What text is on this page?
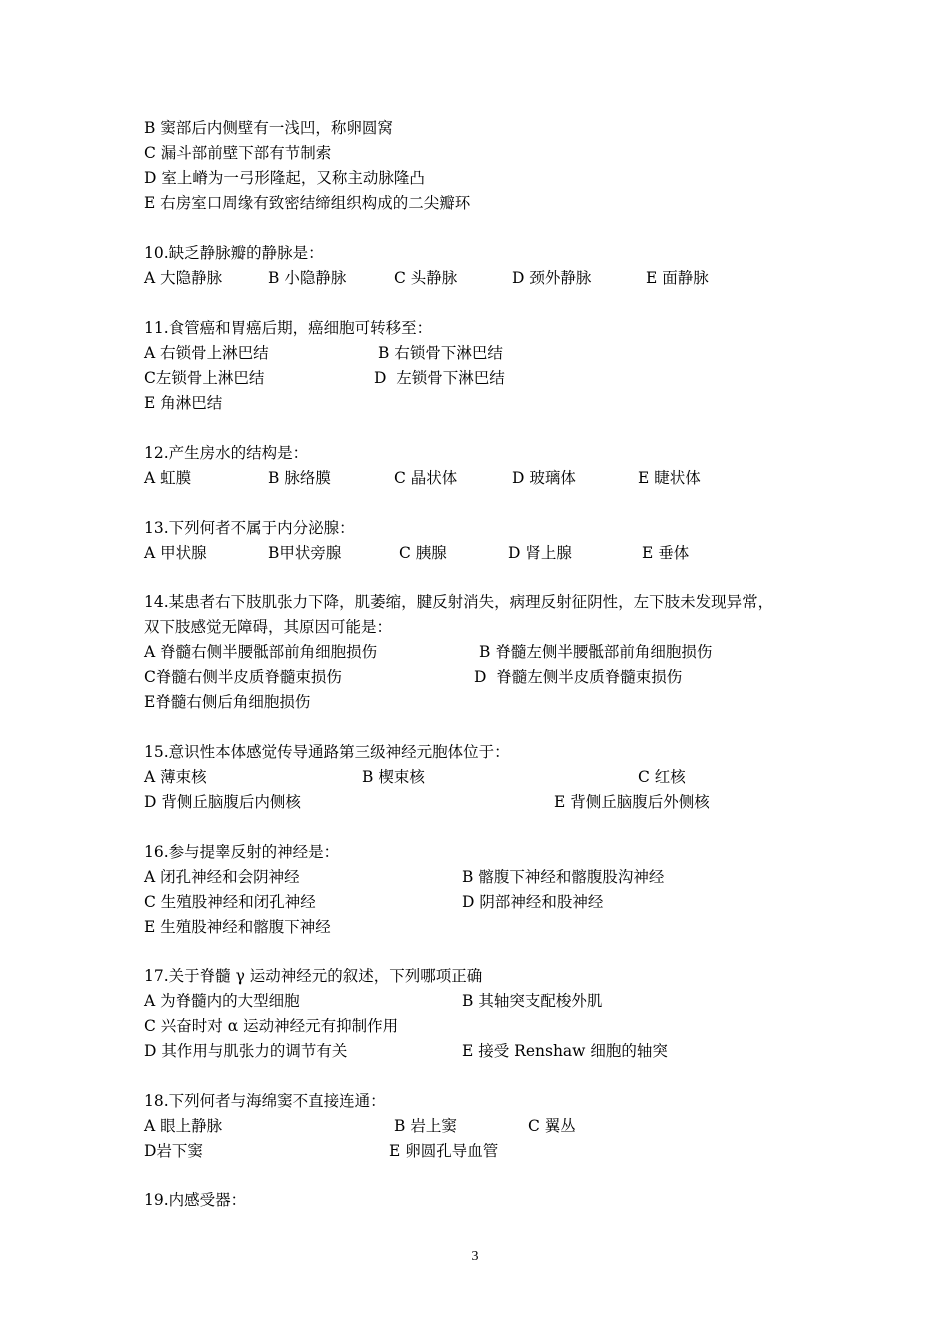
B 窦部后内侧壁有一浅凹，称卵圆窝
C 漏斗部前壁下部有节制索
D 室上嵴为一弓形隆起，又称主动脉隆凸
E 右房室口周缘有致密结缔组织构成的二尖瓣环
10.缺乏静脉瓣的静脉是：
A 大隐静脉	B 小隐静脉	C 头静脉	D 颈外静脉	E 面静脉
11.食管癌和胃癌后期，癌细胞可转移至：
A 右锁骨上淋巴结	B 右锁骨下淋巴结
C左锁骨上淋巴结	D  左锁骨下淋巴结
E 角淋巴结
12.产生房水的结构是：
A 虹膜	B 脉络膜	C 晶状体	D 玻璃体	E 睫状体
13.下列何者不属于内分泌腺：
A 甲状腺	B甲状旁腺	C 胰腺	D 肾上腺	E 垂体
14.某患者右下肢肌张力下降，肌萎缩，腱反射消失，病理反射征阴性，左下肢未发现异常，
双下肢感觉无障碍，其原因可能是：
A 脊髓右侧半腰骶部前角细胞损伤	B 脊髓左侧半腰骶部前角细胞损伤
C脊髓右侧半皮质脊髓束损伤	D  脊髓左侧半皮质脊髓束损伤
E脊髓右侧后角细胞损伤
15.意识性本体感觉传导通路第三级神经元胞体位于：
A 薄束核	B 楔束核	C 红核
D 背侧丘脑腹后内侧核	E 背侧丘脑腹后外侧核
16.参与提睾反射的神经是：
A 闭孔神经和会阴神经	B 髂腹下神经和髂腹股沟神经
C 生殖股神经和闭孔神经	D 阴部神经和股神经
E 生殖股神经和髂腹下神经
17.关于脊髓 γ 运动神经元的叙述，下列哪项正确
A 为脊髓内的大型细胞	B 其轴突支配梭外肌
C 兴奋时对 α 运动神经元有抑制作用
D 其作用与肌张力的调节有关	E 接受 Renshaw 细胞的轴突
18.下列何者与海绵窦不直接连通：
A 眼上静脉	B 岩上窦	C 翼丛
D岩下窦	E 卵圆孔导血管
19.内感受器：
3
